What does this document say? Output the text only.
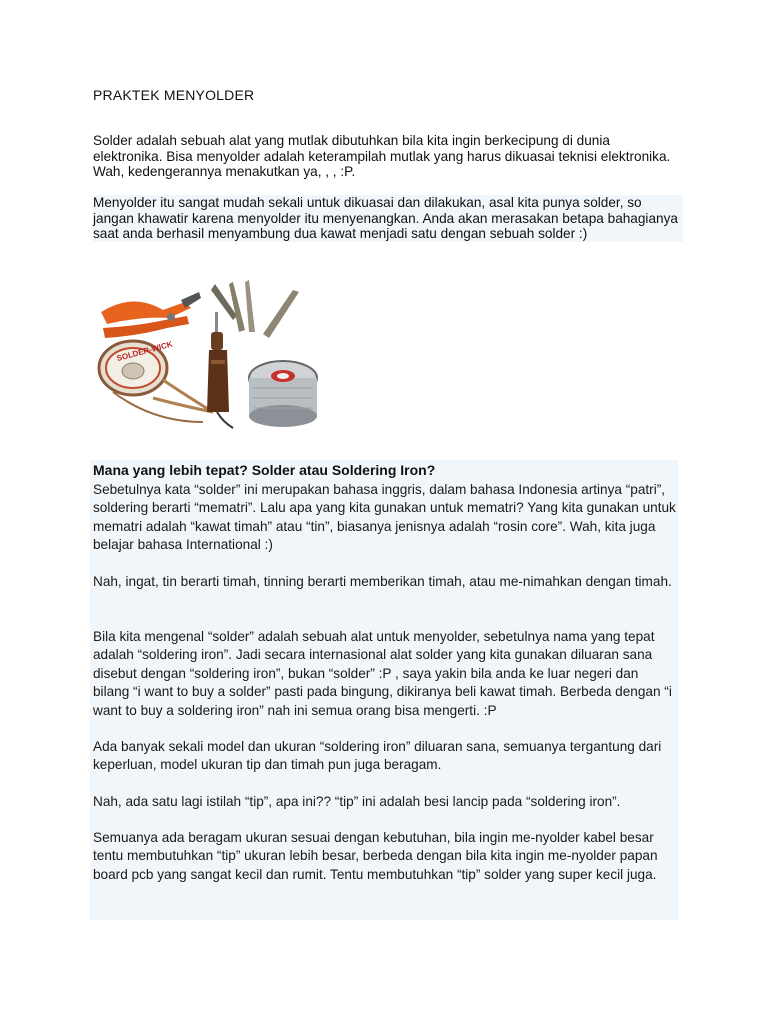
PRAKTEK MENYOLDER
Solder adalah sebuah alat yang mutlak dibutuhkan bila kita ingin berkecipung di dunia elektronika. Bisa menyolder adalah keterampilah mutlak yang harus dikuasai teknisi elektronika. Wah, kedengerannya menakutkan ya, , , :P.
Menyolder itu sangat mudah sekali untuk dikuasai dan dilakukan, asal kita punya solder, so jangan khawatir karena menyolder itu menyenangkan. Anda akan merasakan betapa bahagianya saat anda berhasil menyambung dua kawat menjadi satu dengan sebuah solder :)
SOLDER-WICK
Mana yang lebih tepat? Solder atau Soldering Iron?
Sebetulnya kata “solder” ini merupakan bahasa inggris, dalam bahasa Indonesia artinya “patri”, soldering berarti “mematri”. Lalu apa yang kita gunakan untuk mematri? Yang kita gunakan untuk mematri adalah “kawat timah” atau “tin”, biasanya jenisnya adalah “rosin core”. Wah, kita juga belajar bahasa International :)
Nah, ingat, tin berarti timah, tinning berarti memberikan timah, atau me-nimahkan dengan timah.
Bila kita mengenal “solder” adalah sebuah alat untuk menyolder, sebetulnya nama yang tepat adalah “soldering iron”. Jadi secara internasional alat solder yang kita gunakan diluaran sana disebut dengan “soldering iron”, bukan “solder” :P , saya yakin bila anda ke luar negeri dan bilang “i want to buy a solder” pasti pada bingung, dikiranya beli kawat timah. Berbeda dengan “i want to buy a soldering iron” nah ini semua orang bisa mengerti. :P
Ada banyak sekali model dan ukuran “soldering iron” diluaran sana, semuanya tergantung dari keperluan, model ukuran tip dan timah pun juga beragam.
Nah, ada satu lagi istilah “tip”, apa ini?? “tip” ini adalah besi lancip pada “soldering iron”.
Semuanya ada beragam ukuran sesuai dengan kebutuhan, bila ingin me-nyolder kabel besar tentu membutuhkan “tip” ukuran lebih besar, berbeda dengan bila kita ingin me-nyolder papan board pcb yang sangat kecil dan rumit. Tentu membutuhkan “tip” solder yang super kecil juga.
